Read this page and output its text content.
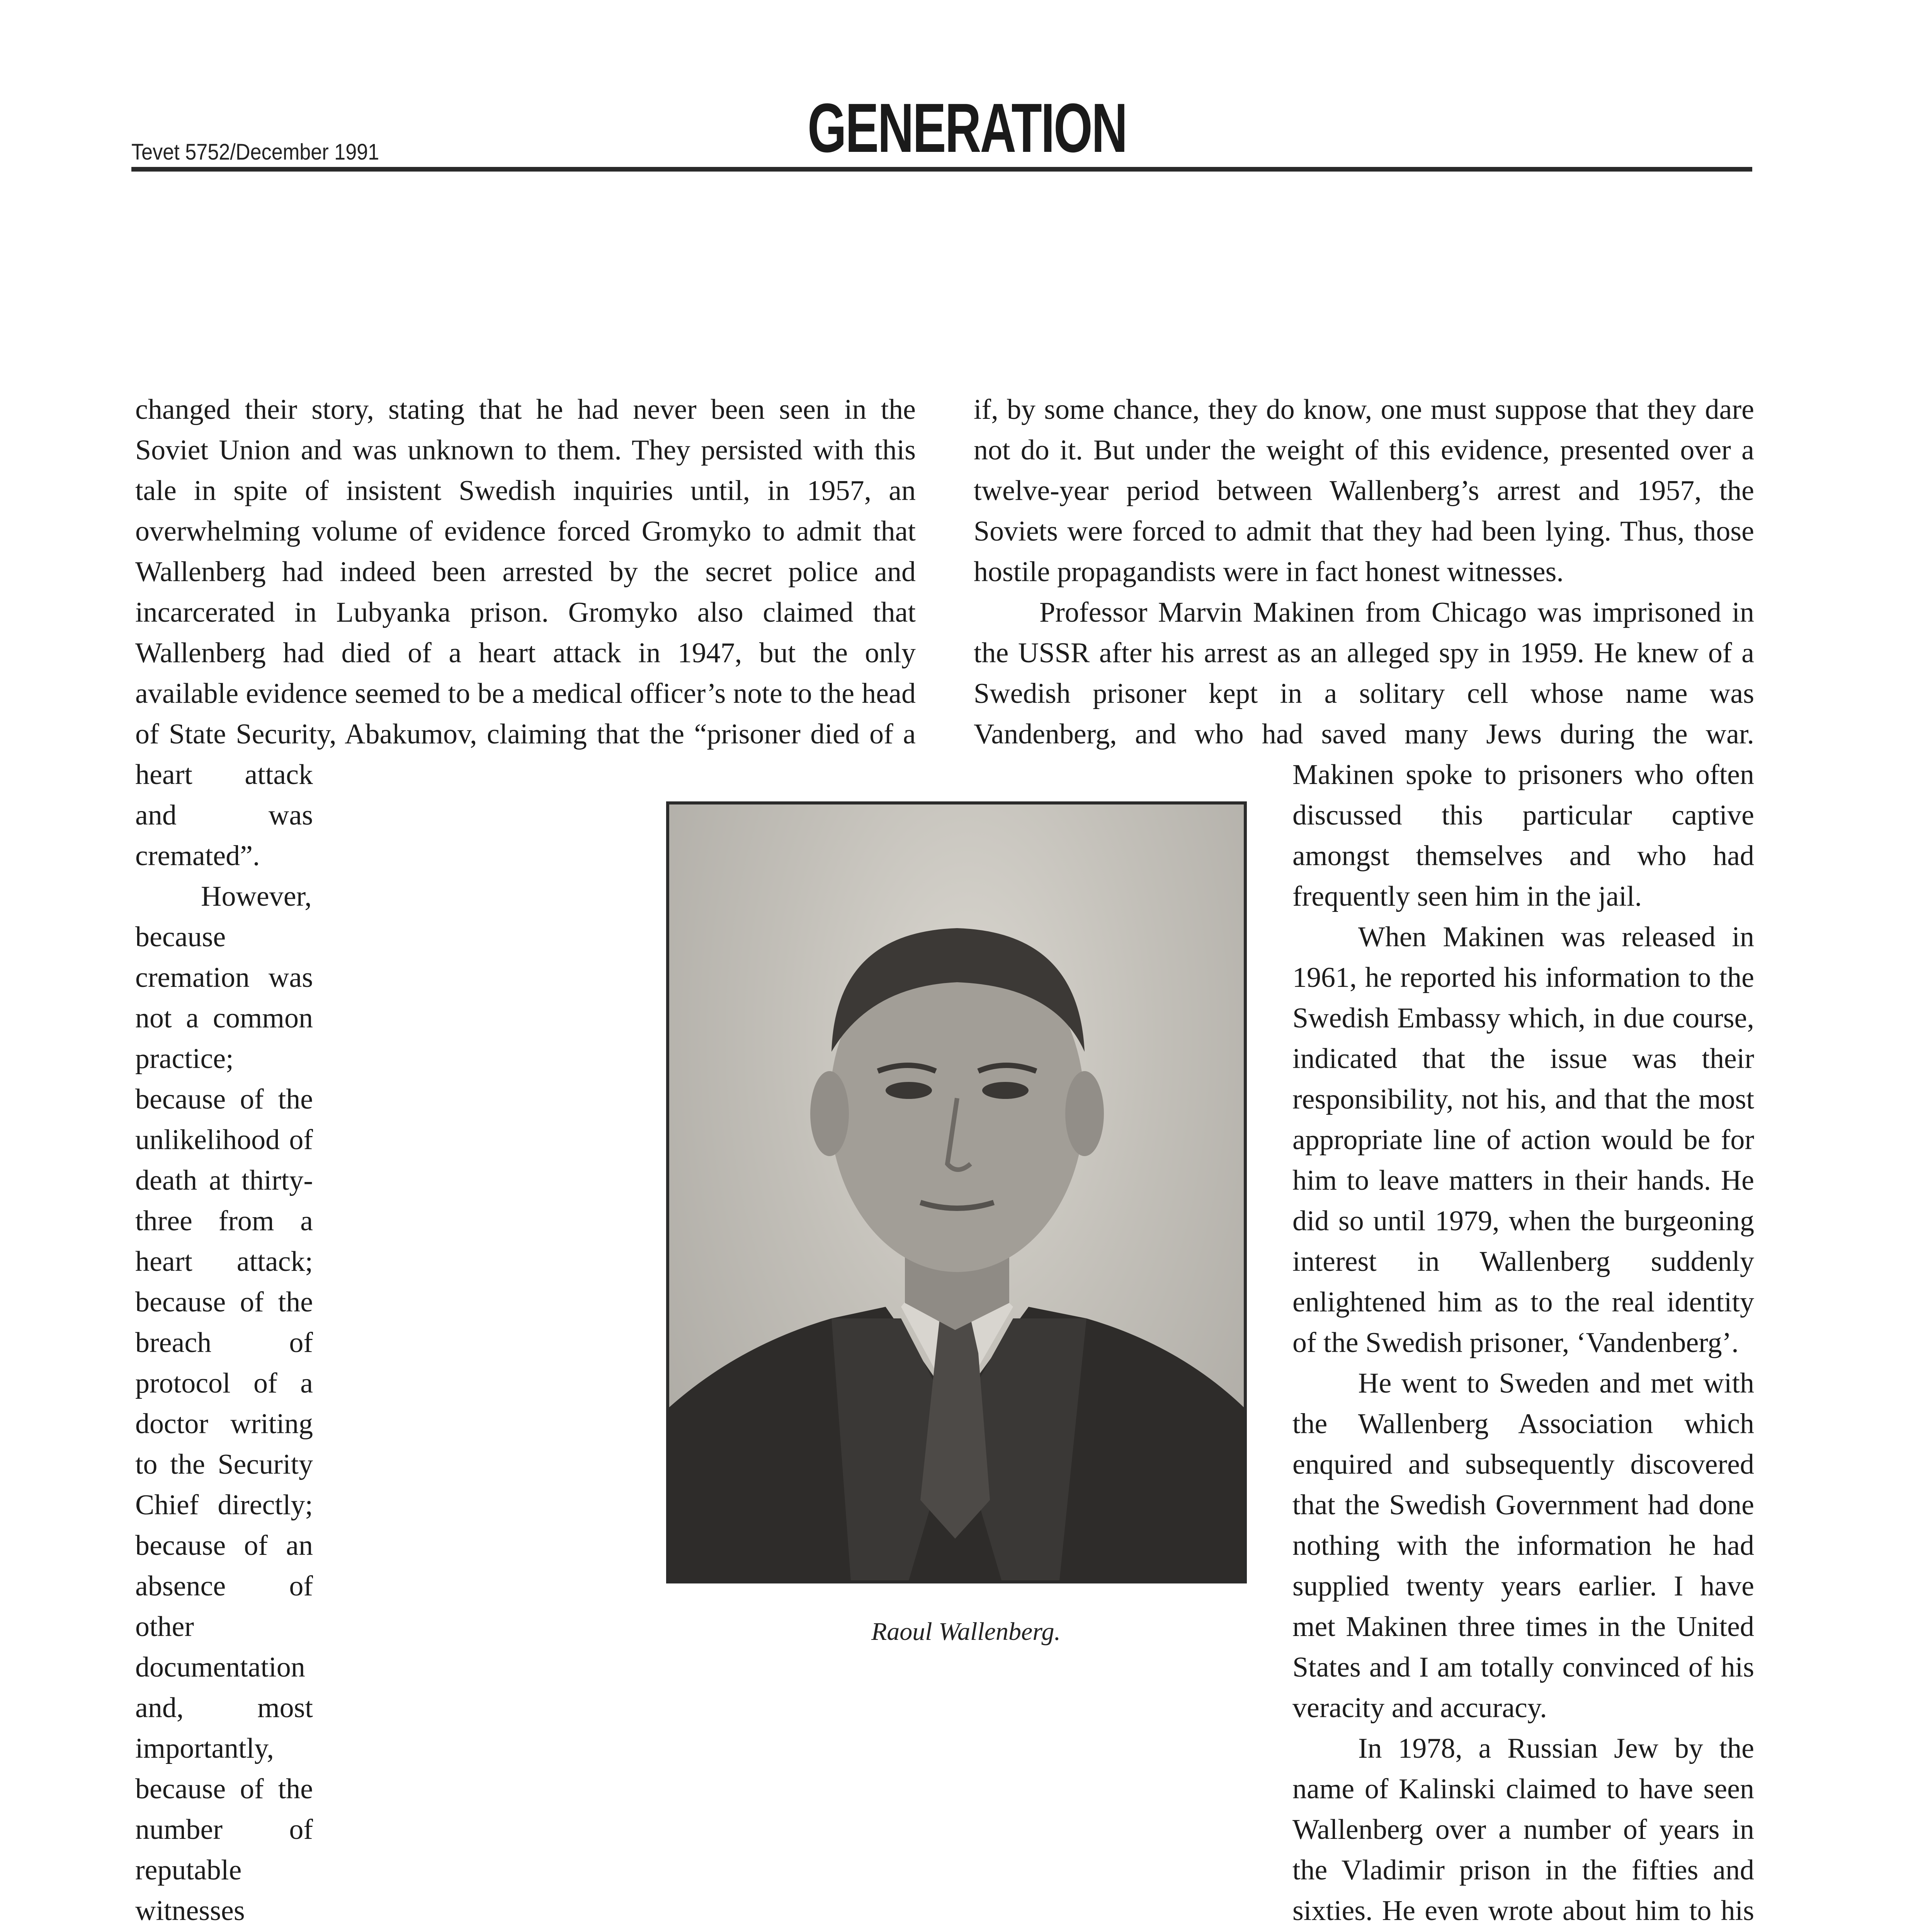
Tevet 5752/December 1991	GENERATION

changed their story, stating that he had never been seen in the Soviet Union and was unknown to them. They persisted with this tale in spite of insistent Swedish inquiries until, in 1957, an overwhelming volume of evidence forced Gromyko to admit that Wallenberg had indeed been arrested by the secret police and incarcerated in Lubyanka prison. Gromyko also claimed that Wallenberg had died of a heart attack in 1947, but the only available evidence seemed to be a medical officer’s note to the head of State Security, Abakumov, claiming that the “prisoner died of a heart attack and was cremated”.

However, because cremation was not a common practice; because of the unlikelihood of death at thirty-three from a heart attack; because of the breach of protocol of a doctor writing to the Security Chief directly; because of an absence of other documentation and, most importantly, because of the number of reputable witnesses

if, by some chance, they do know, one must suppose that they dare not do it. But under the weight of this evidence, presented over a twelve-year period between Wallenberg’s arrest and 1957, the Soviets were forced to admit that they had been lying. Thus, those hostile propagandists were in fact honest witnesses.

Professor Marvin Makinen from Chicago was imprisoned in the USSR after his arrest as an alleged spy in 1959. He knew of a Swedish prisoner kept in a solitary cell whose name was Vandenberg, and who had saved many Jews during the war. Makinen spoke to prisoners who often discussed this particular captive amongst themselves and who had frequently seen him in the jail.

When Makinen was released in 1961, he reported his information to the Swedish Embassy which, in due course, indicated that the issue was their responsibility, not his, and that the most appropriate line of action would be for him to leave matters in their hands. He did so until 1979, when the burgeoning interest in Wallenberg suddenly enlightened him as to the real identity of the Swedish prisoner, ‘Vandenberg’.

He went to Sweden and met with the Wallenberg Association which enquired and subsequently discovered that the Swedish Government had done nothing with the information he had supplied twenty years earlier. I have met Makinen three times in the United States and I am totally convinced of his veracity and accuracy.

In 1978, a Russian Jew by the name of Kalinski claimed to have seen Wallenberg over a number of years in the Vladimir prison in the fifties and sixties. He even wrote about him to his

Raoul Wallenberg.
